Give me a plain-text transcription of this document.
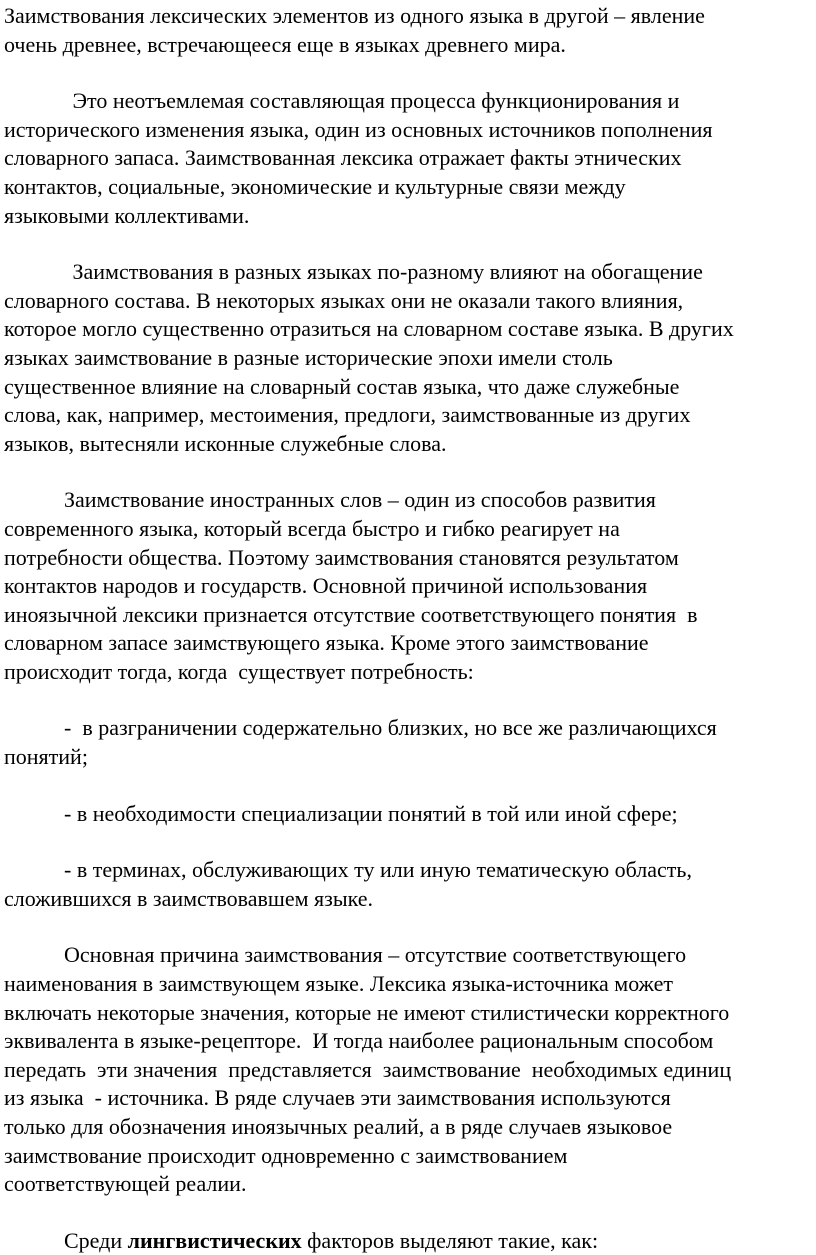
Заимствования лексических элементов из одного языка в другой – явление
очень древнее, встречающееся еще в языках древнего мира.
Это неотъемлемая составляющая процесса функционирования и
исторического изменения языка, один из основных источников пополнения
словарного запаса. Заимствованная лексика отражает факты этнических
контактов, социальные, экономические и культурные связи между
языковыми коллективами.
Заимствования в разных языках по-разному влияют на обогащение
словарного состава. В некоторых языках они не оказали такого влияния,
которое могло существенно отразиться на словарном составе языка. В других
языках заимствование в разные исторические эпохи имели столь
существенное влияние на словарный состав языка, что даже служебные
слова, как, например, местоимения, предлоги, заимствованные из других
языков, вытесняли исконные служебные слова.
Заимствование иностранных слов – один из способов развития
современного языка, который всегда быстро и гибко реагирует на
потребности общества. Поэтому заимствования становятся результатом
контактов народов и государств. Основной причиной использования
иноязычной лексики признается отсутствие соответствующего понятия  в
словарном запасе заимствующего языка. Кроме этого заимствование
происходит тогда, когда  существует потребность:
-  в разграничении содержательно близких, но все же различающихся
понятий;
- в необходимости специализации понятий в той или иной сфере;
- в терминах, обслуживающих ту или иную тематическую область,
сложившихся в заимствовавшем языке.
Основная причина заимствования – отсутствие соответствующего
наименования в заимствующем языке. Лексика языка-источника может
включать некоторые значения, которые не имеют стилистически корректного
эквивалента в языке-рецепторе.  И тогда наиболее рациональным способом
передать  эти значения  представляется  заимствование  необходимых единиц
из языка  - источника. В ряде случаев эти заимствования используются
только для обозначения иноязычных реалий, а в ряде случаев языковое
заимствование происходит одновременно с заимствованием
соответствующей реалии.
Среди лингвистических факторов выделяют такие, как:
